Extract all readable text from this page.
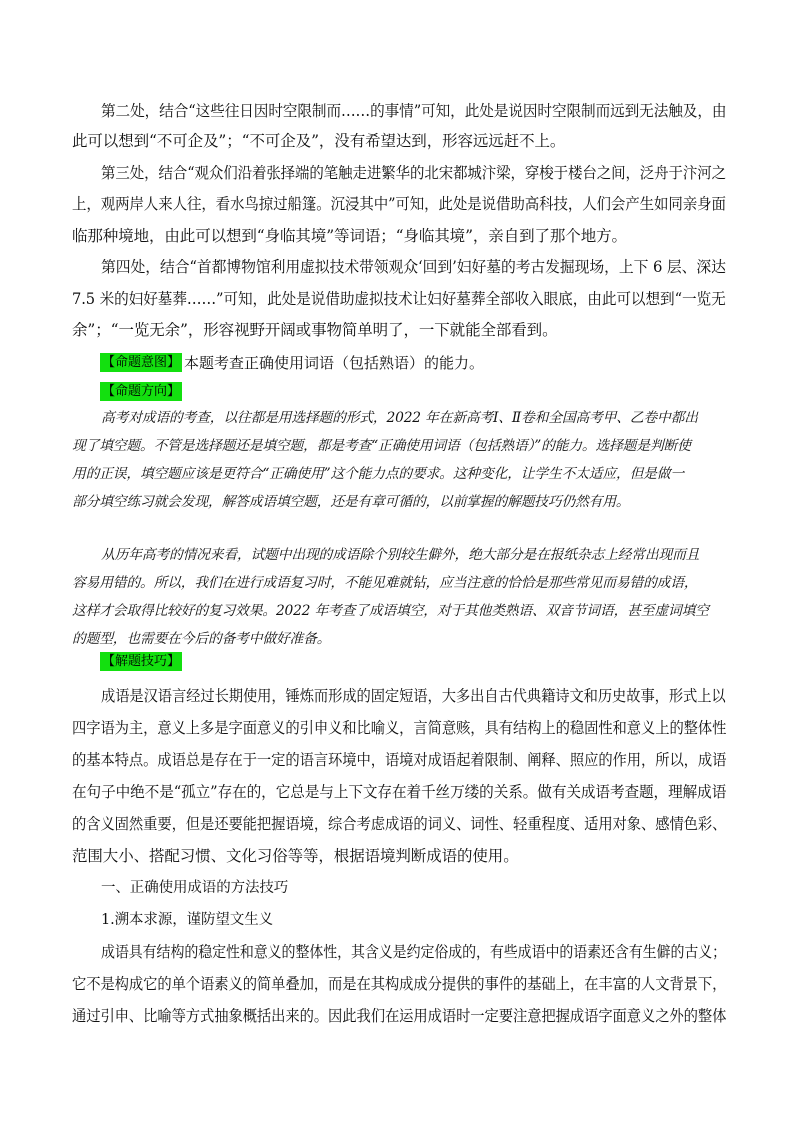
第二处，结合“这些往日因时空限制而……的事情”可知，此处是说因时空限制而远到无法触及，由
此可以想到“不可企及”；“不可企及”，没有希望达到，形容远远赶不上。
第三处，结合“观众们沿着张择端的笔触走进繁华的北宋都城汴梁，穿梭于楼台之间，泛舟于汴河之
上，观两岸人来人往，看水鸟掠过船篷。沉浸其中”可知，此处是说借助高科技，人们会产生如同亲身面
临那种境地，由此可以想到“身临其境”等词语；“身临其境”，亲自到了那个地方。
第四处，结合“首都博物馆利用虚拟技术带领观众‘回到’妇好墓的考古发掘现场，上下 6 层、深达
7.5 米的妇好墓葬……”可知，此处是说借助虚拟技术让妇好墓葬全部收入眼底，由此可以想到“一览无
余”；“一览无余”，形容视野开阔或事物简单明了，一下就能全部看到。
【命题意图】 本题考查正确使用词语（包括熟语）的能力。
【命题方向】
高考对成语的考查，以往都是用选择题的形式，2022 年在新高考Ⅰ、Ⅱ卷和全国高考甲、乙卷中都出
现了填空题。不管是选择题还是填空题，都是考查“正确使用词语（包括熟语）”的能力。选择题是判断使
用的正误，填空题应该是更符合“正确使用”这个能力点的要求。这种变化，让学生不太适应，但是做一
部分填空练习就会发现，解答成语填空题，还是有章可循的，以前掌握的解题技巧仍然有用。
从历年高考的情况来看，试题中出现的成语除个别较生僻外，绝大部分是在报纸杂志上经常出现而且
容易用错的。所以，我们在进行成语复习时，不能见难就钻，应当注意的恰恰是那些常见而易错的成语，
这样才会取得比较好的复习效果。2022 年考查了成语填空，对于其他类熟语、双音节词语，甚至虚词填空
的题型，也需要在今后的备考中做好准备。
【解题技巧】
成语是汉语言经过长期使用，锤炼而形成的固定短语，大多出自古代典籍诗文和历史故事，形式上以
四字语为主，意义上多是字面意义的引申义和比喻义，言简意赅，具有结构上的稳固性和意义上的整体性
的基本特点。成语总是存在于一定的语言环境中，语境对成语起着限制、阐释、照应的作用，所以，成语
在句子中绝不是“孤立”存在的，它总是与上下文存在着千丝万缕的关系。做有关成语考查题，理解成语
的含义固然重要，但是还要能把握语境，综合考虑成语的词义、词性、轻重程度、适用对象、感情色彩、
范围大小、搭配习惯、文化习俗等等，根据语境判断成语的使用。
一、正确使用成语的方法技巧
1.溯本求源，谨防望文生义
成语具有结构的稳定性和意义的整体性，其含义是约定俗成的，有些成语中的语素还含有生僻的古义；
它不是构成它的单个语素义的简单叠加，而是在其构成成分提供的事件的基础上，在丰富的人文背景下，
通过引申、比喻等方式抽象概括出来的。因此我们在运用成语时一定要注意把握成语字面意义之外的整体
